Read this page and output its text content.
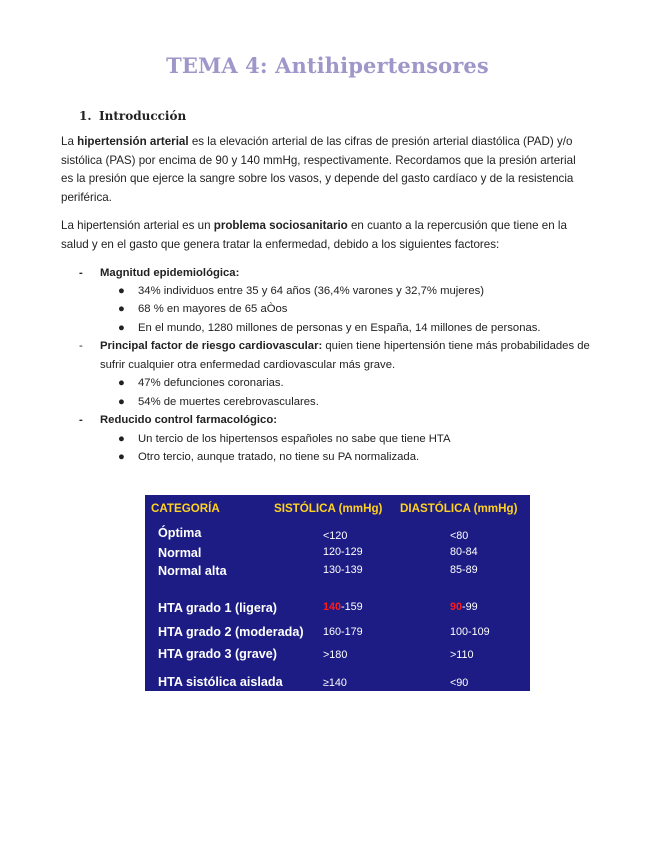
TEMA 4: Antihipertensores
1. Introducción

La hipertensión arterial es la elevación arterial de las cifras de presión arterial diastólica (PAD) y/o sistólica (PAS) por encima de 90 y 140 mmHg, respectivamente. Recordamos que la presión arterial es la presión que ejerce la sangre sobre los vasos, y depende del gasto cardíaco y de la resistencia periférica.

La hipertensión arterial es un problema sociosanitario en cuanto a la repercusión que tiene en la salud y en el gasto que genera tratar la enfermedad, debido a los siguientes factores:

-	Magnitud epidemiológica:
● 34% individuos entre 35 y 64 años (36,4% varones y 32,7% mujeres)
● 68 % en mayores de 65 aÒos
● En el mundo, 1280 millones de personas y en España, 14 millones de personas.
-	Principal factor de riesgo cardiovascular: quien tiene hipertensión tiene más probabilidades de sufrir cualquier otra enfermedad cardiovascular más grave.
● 47% defunciones coronarias.
● 54% de muertes cerebrovasculares.
-	Reducido control farmacológico:
● Un tercio de los hipertensos españoles no sabe que tiene HTA
● Otro tercio, aunque tratado, no tiene su PA normalizada.
CATEGORÍA	SISTÓLICA (mmHg) DIASTÓLICA (mmHg)
Óptima	<120	<80
Normal	120-129	80-84
Normal alta	130-139	85-89
HTA grado 1 (ligera)	140-159	90-99
HTA grado 2 (moderada) 160-179	100-109
HTA grado 3 (grave)	>180	>110
HTA sistólica aislada	≥140	<90
